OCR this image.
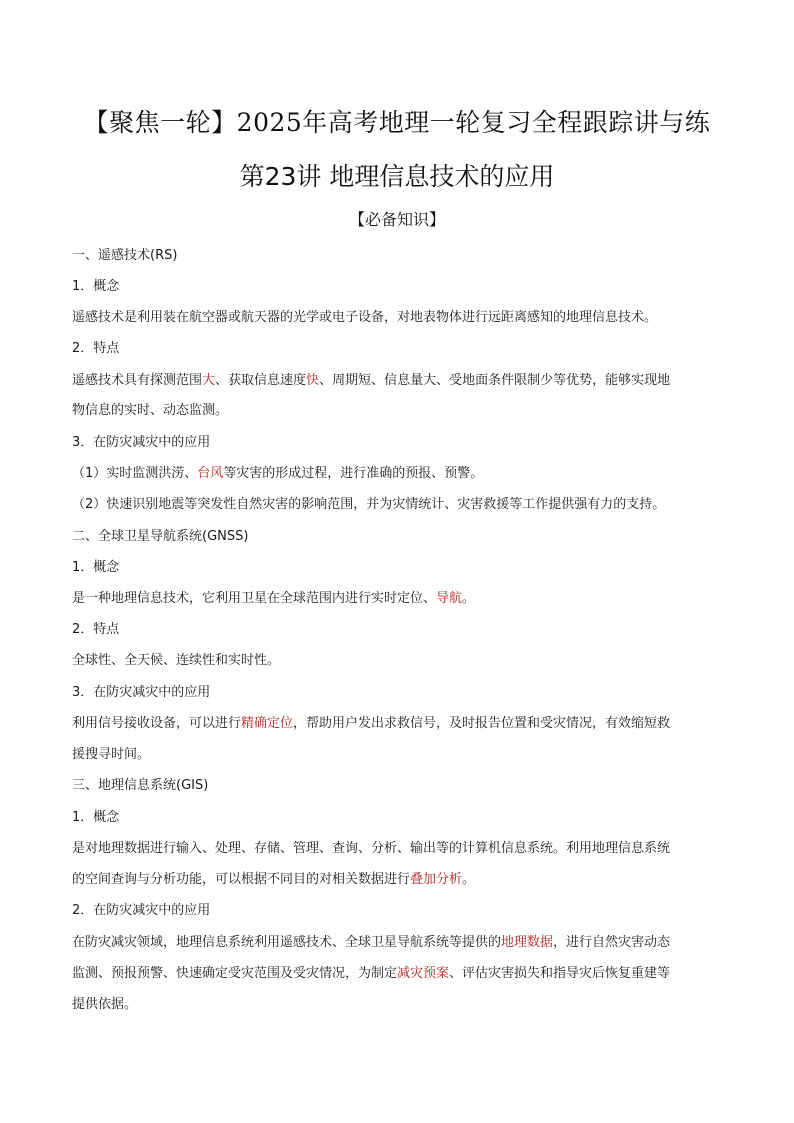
【聚焦一轮】2025年高考地理一轮复习全程跟踪讲与练
第23讲 地理信息技术的应用
【必备知识】
一、遥感技术(RS)
1．概念
遥感技术是利用装在航空器或航天器的光学或电子设备，对地表物体进行远距离感知的地理信息技术。
2．特点
遥感技术具有探测范围大、获取信息速度快、周期短、信息量大、受地面条件限制少等优势，能够实现地
物信息的实时、动态监测。
3．在防灾减灾中的应用
（1）实时监测洪涝、台风等灾害的形成过程，进行准确的预报、预警。
（2）快速识别地震等突发性自然灾害的影响范围，并为灾情统计、灾害救援等工作提供强有力的支持。
二、全球卫星导航系统(GNSS)
1．概念
是一种地理信息技术，它利用卫星在全球范围内进行实时定位、导航。
2．特点
全球性、全天候、连续性和实时性。
3．在防灾减灾中的应用
利用信号接收设备，可以进行精确定位，帮助用户发出求救信号，及时报告位置和受灾情况，有效缩短救
援搜寻时间。
三、地理信息系统(GIS)
1．概念
是对地理数据进行输入、处理、存储、管理、查询、分析、输出等的计算机信息系统。利用地理信息系统
的空间查询与分析功能，可以根据不同目的对相关数据进行叠加分析。
2．在防灾减灾中的应用
在防灾减灾领域，地理信息系统利用遥感技术、全球卫星导航系统等提供的地理数据，进行自然灾害动态
监测、预报预警、快速确定受灾范围及受灾情况，为制定减灾预案、评估灾害损失和指导灾后恢复重建等
提供依据。
